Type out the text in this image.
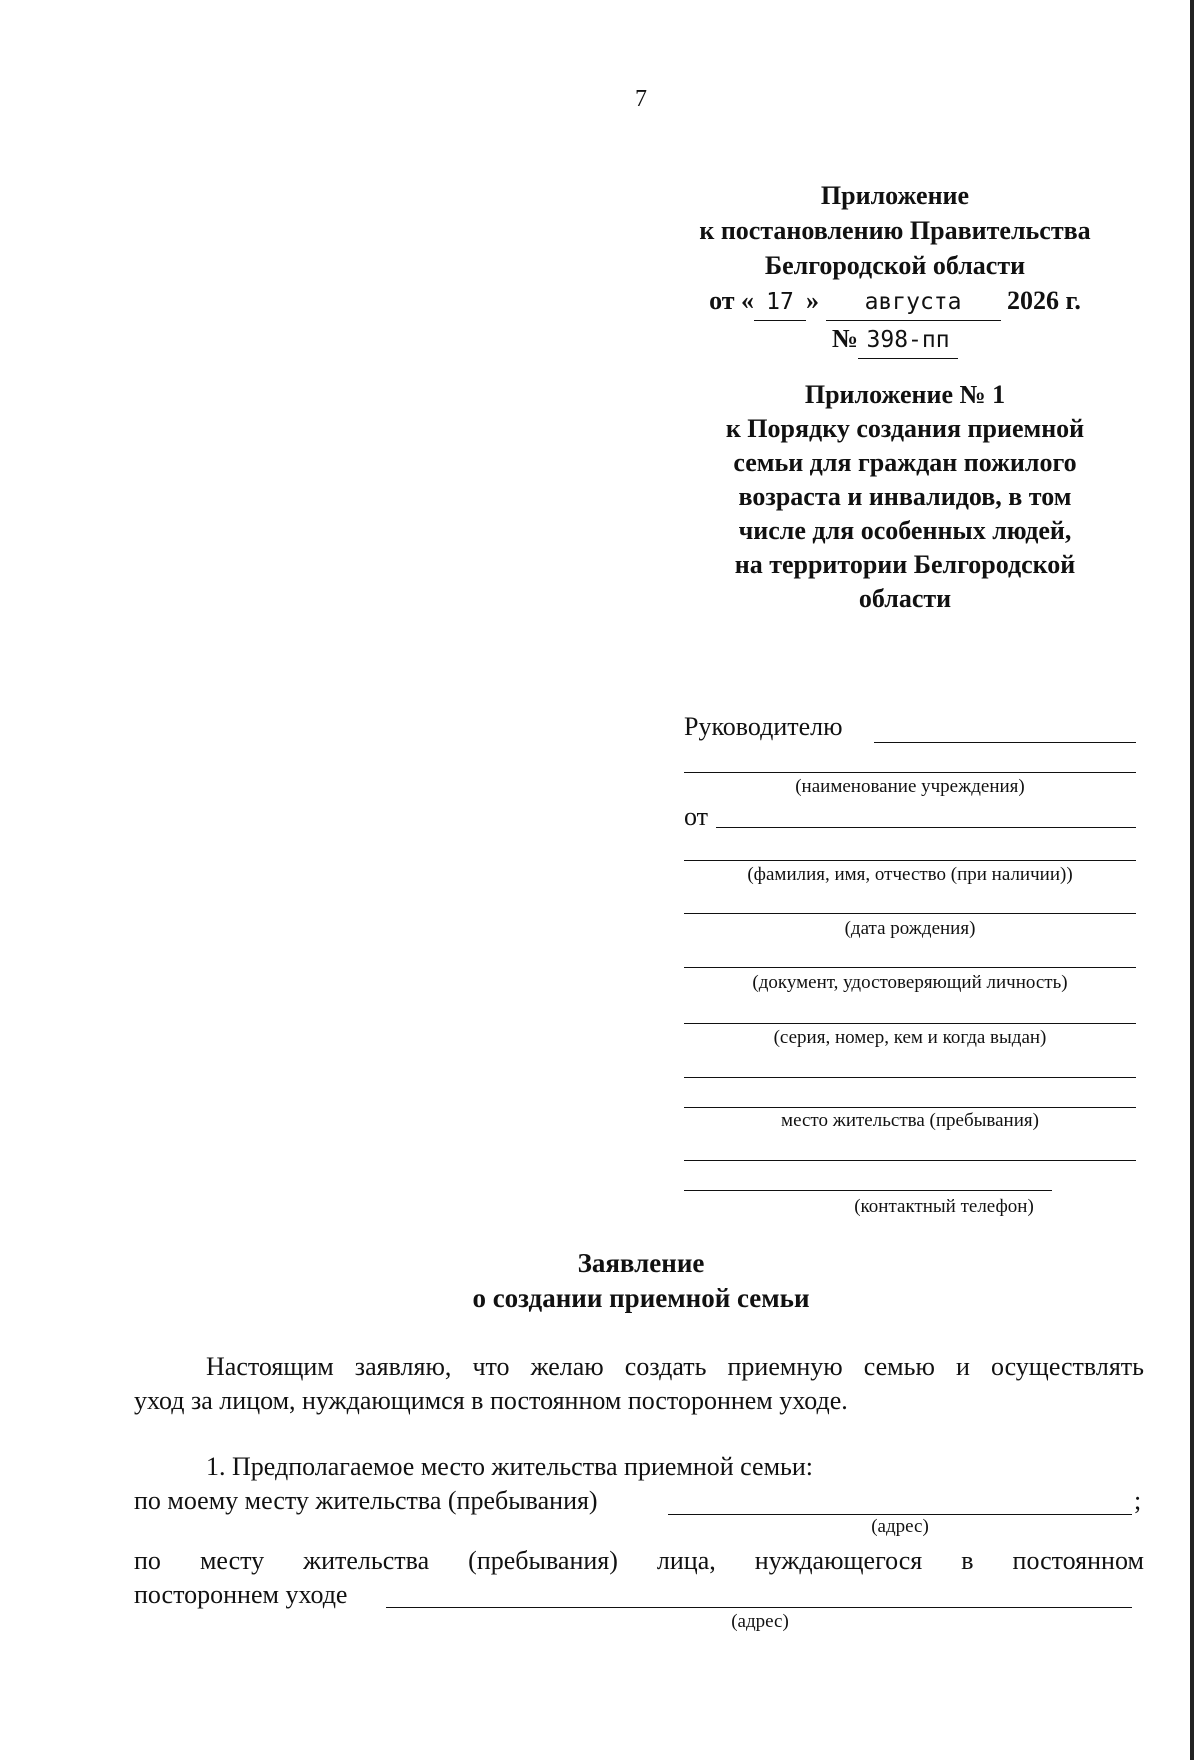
7
Приложение
к постановлению Правительства
Белгородской области
от « 17 » августа 2026 г.
№ 398-пп
Приложение № 1
к Порядку создания приемной
семьи для граждан пожилого
возраста и инвалидов, в том
числе для особенных людей,
на территории Белгородской
области
Руководителю
(наименование учреждения)
от
(фамилия, имя, отчество (при наличии))
(дата рождения)
(документ, удостоверяющий личность)
(серия, номер, кем и когда выдан)
место жительства (пребывания)
(контактный телефон)
Заявление
о создании приемной семьи
Настоящим заявляю, что желаю создать приемную семью и осуществлять
уход за лицом, нуждающимся в постоянном постороннем уходе.
1. Предполагаемое место жительства приемной семьи:
по моему месту жительства (пребывания)	;
(адрес)
по месту жительства (пребывания) лица, нуждающегося в постоянном
постороннем уходе
(адрес)
